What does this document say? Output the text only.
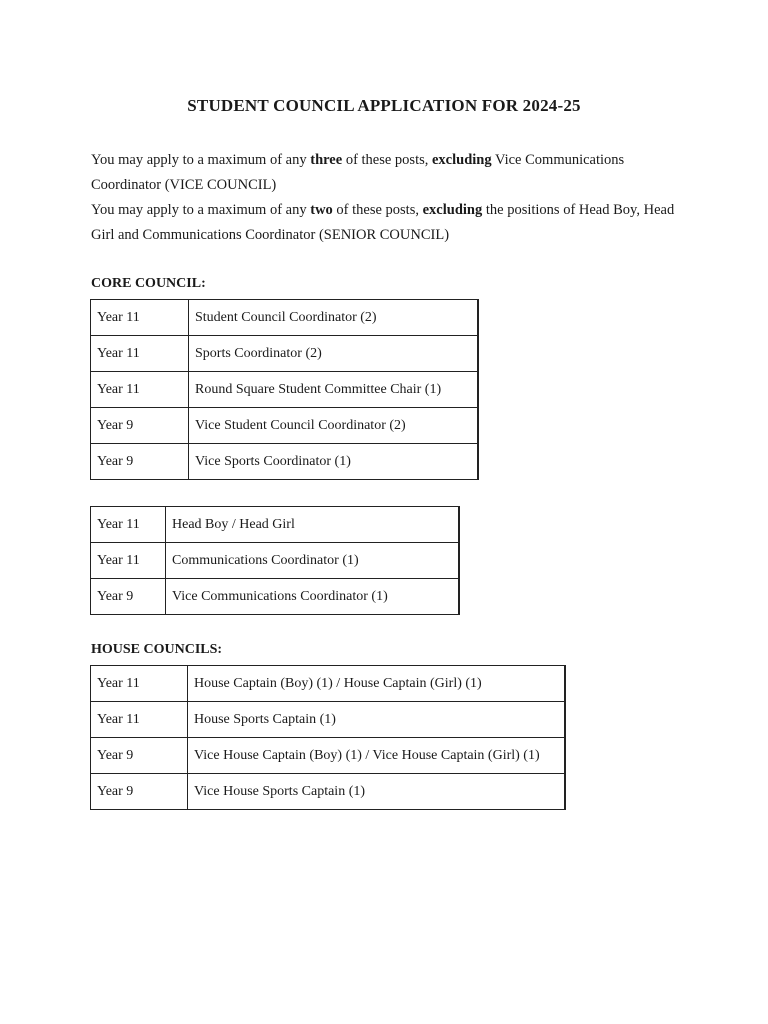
STUDENT COUNCIL APPLICATION FOR 2024-25

You may apply to a maximum of any three of these posts, excluding Vice Communications Coordinator (VICE COUNCIL)

You may apply to a maximum of any two of these posts, excluding the positions of Head Boy, Head Girl and Communications Coordinator (SENIOR COUNCIL)

CORE COUNCIL:
Year 11	Student Council Coordinator (2)
Year 11	Sports Coordinator (2)
Year 11	Round Square Student Committee Chair (1)
Year 9	Vice Student Council Coordinator (2)
Year 9	Vice Sports Coordinator (1)
Year 11	Head Boy / Head Girl
Year 11	Communications Coordinator (1)
Year 9	Vice Communications Coordinator (1)
HOUSE COUNCILS:
Year 11	House Captain (Boy) (1) / House Captain (Girl) (1)
Year 11	House Sports Captain (1)
Year 9	Vice House Captain (Boy) (1) / Vice House Captain (Girl) (1)
Year 9	Vice House Sports Captain (1)
